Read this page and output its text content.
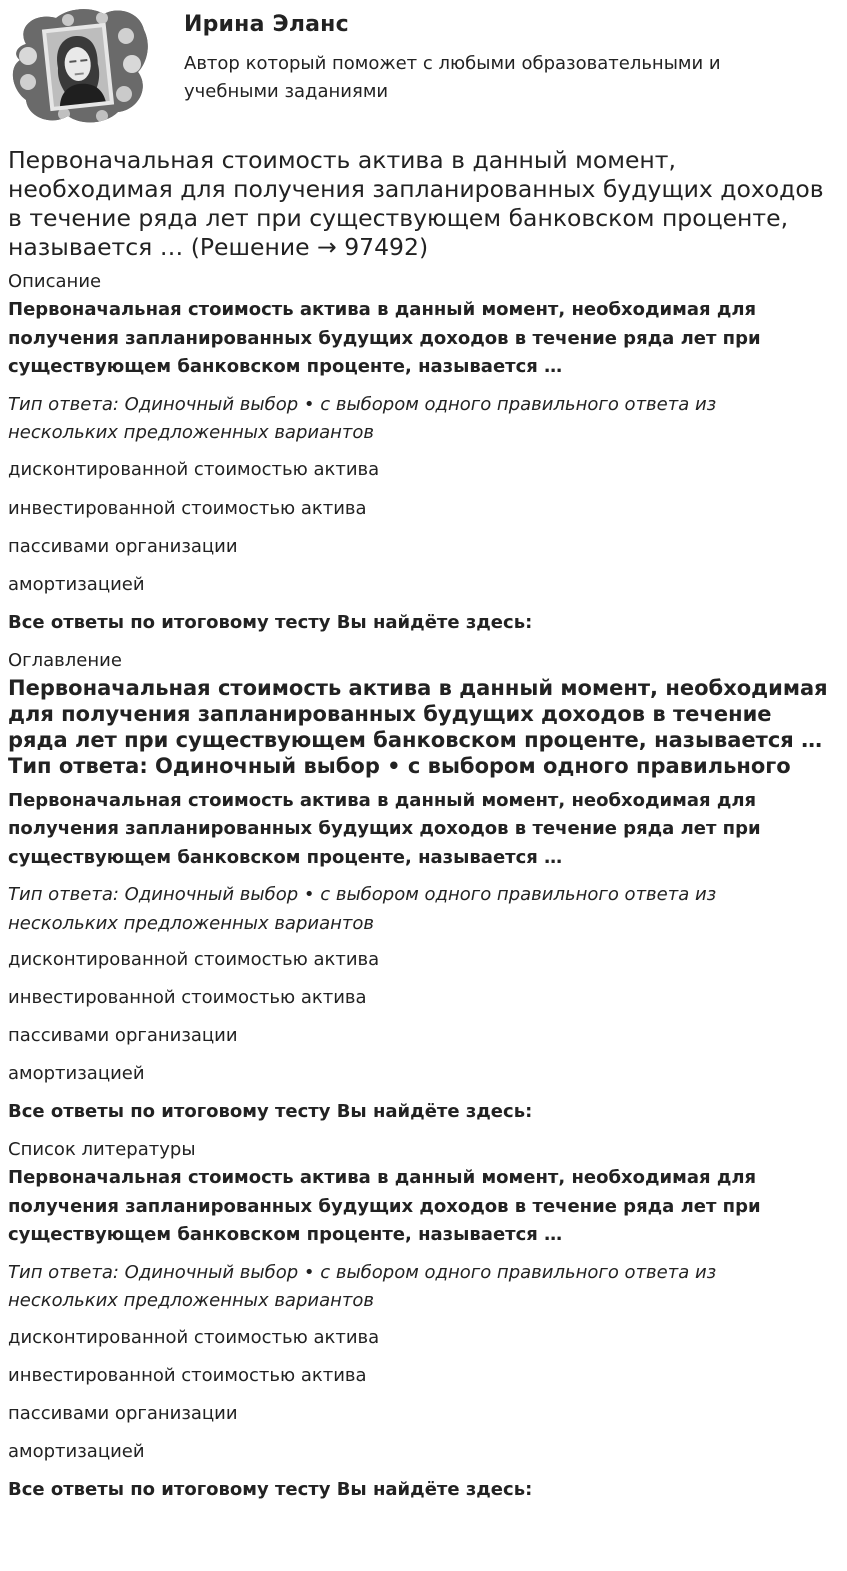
Ирина Эланс
Автор который поможет с любыми образовательными и учебными заданиями
Первоначальная стоимость актива в данный момент, необходимая для получения запланированных будущих доходов в течение ряда лет при существующем банковском проценте, называется … (Решение → 97492)

Описание

Первоначальная стоимость актива в данный момент, необходимая для получения запланированных будущих доходов в течение ряда лет при существующем банковском проценте, называется …

Тип ответа: Одиночный выбор • с выбором одного правильного ответа из нескольких предложенных вариантов

дисконтированной стоимостью актива

инвестированной стоимостью актива

пассивами организации

амортизацией

Все ответы по итоговому тесту Вы найдёте здесь:

Оглавление

Первоначальная стоимость актива в данный момент, необходимая для получения запланированных будущих доходов в течение ряда лет при существующем банковском проценте, называется …Тип ответа: Одиночный выбор • с выбором одного правильного

Первоначальная стоимость актива в данный момент, необходимая для получения запланированных будущих доходов в течение ряда лет при существующем банковском проценте, называется …

Тип ответа: Одиночный выбор • с выбором одного правильного ответа из нескольких предложенных вариантов

дисконтированной стоимостью актива

инвестированной стоимостью актива

пассивами организации

амортизацией

Все ответы по итоговому тесту Вы найдёте здесь:

Список литературы

Первоначальная стоимость актива в данный момент, необходимая для получения запланированных будущих доходов в течение ряда лет при существующем банковском проценте, называется …

Тип ответа: Одиночный выбор • с выбором одного правильного ответа из нескольких предложенных вариантов

дисконтированной стоимостью актива

инвестированной стоимостью актива

пассивами организации

амортизацией

Все ответы по итоговому тесту Вы найдёте здесь:
